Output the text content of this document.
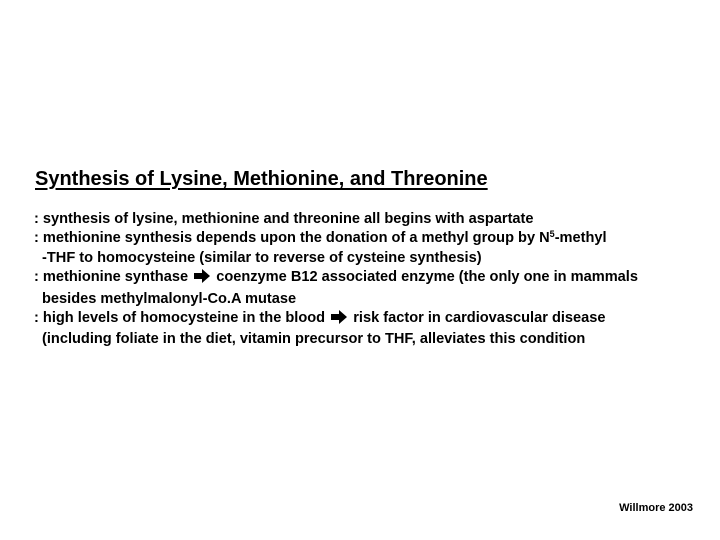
Synthesis of Lysine, Methionine, and Threonine
: synthesis of lysine, methionine and threonine all begins with aspartate
: methionine synthesis depends upon the donation of a methyl group by $N^5$-methyl
-THF to homocysteine (similar to reverse of cysteine synthesis)
: methionine synthase coenzyme B12 associated enzyme (the only one in mammals
besides methylmalonyl-Co.A mutase
: high levels of homocysteine in the blood risk factor in cardiovascular disease
(including foliate in the diet, vitamin precursor to THF, alleviates this condition
Willmore 2003
